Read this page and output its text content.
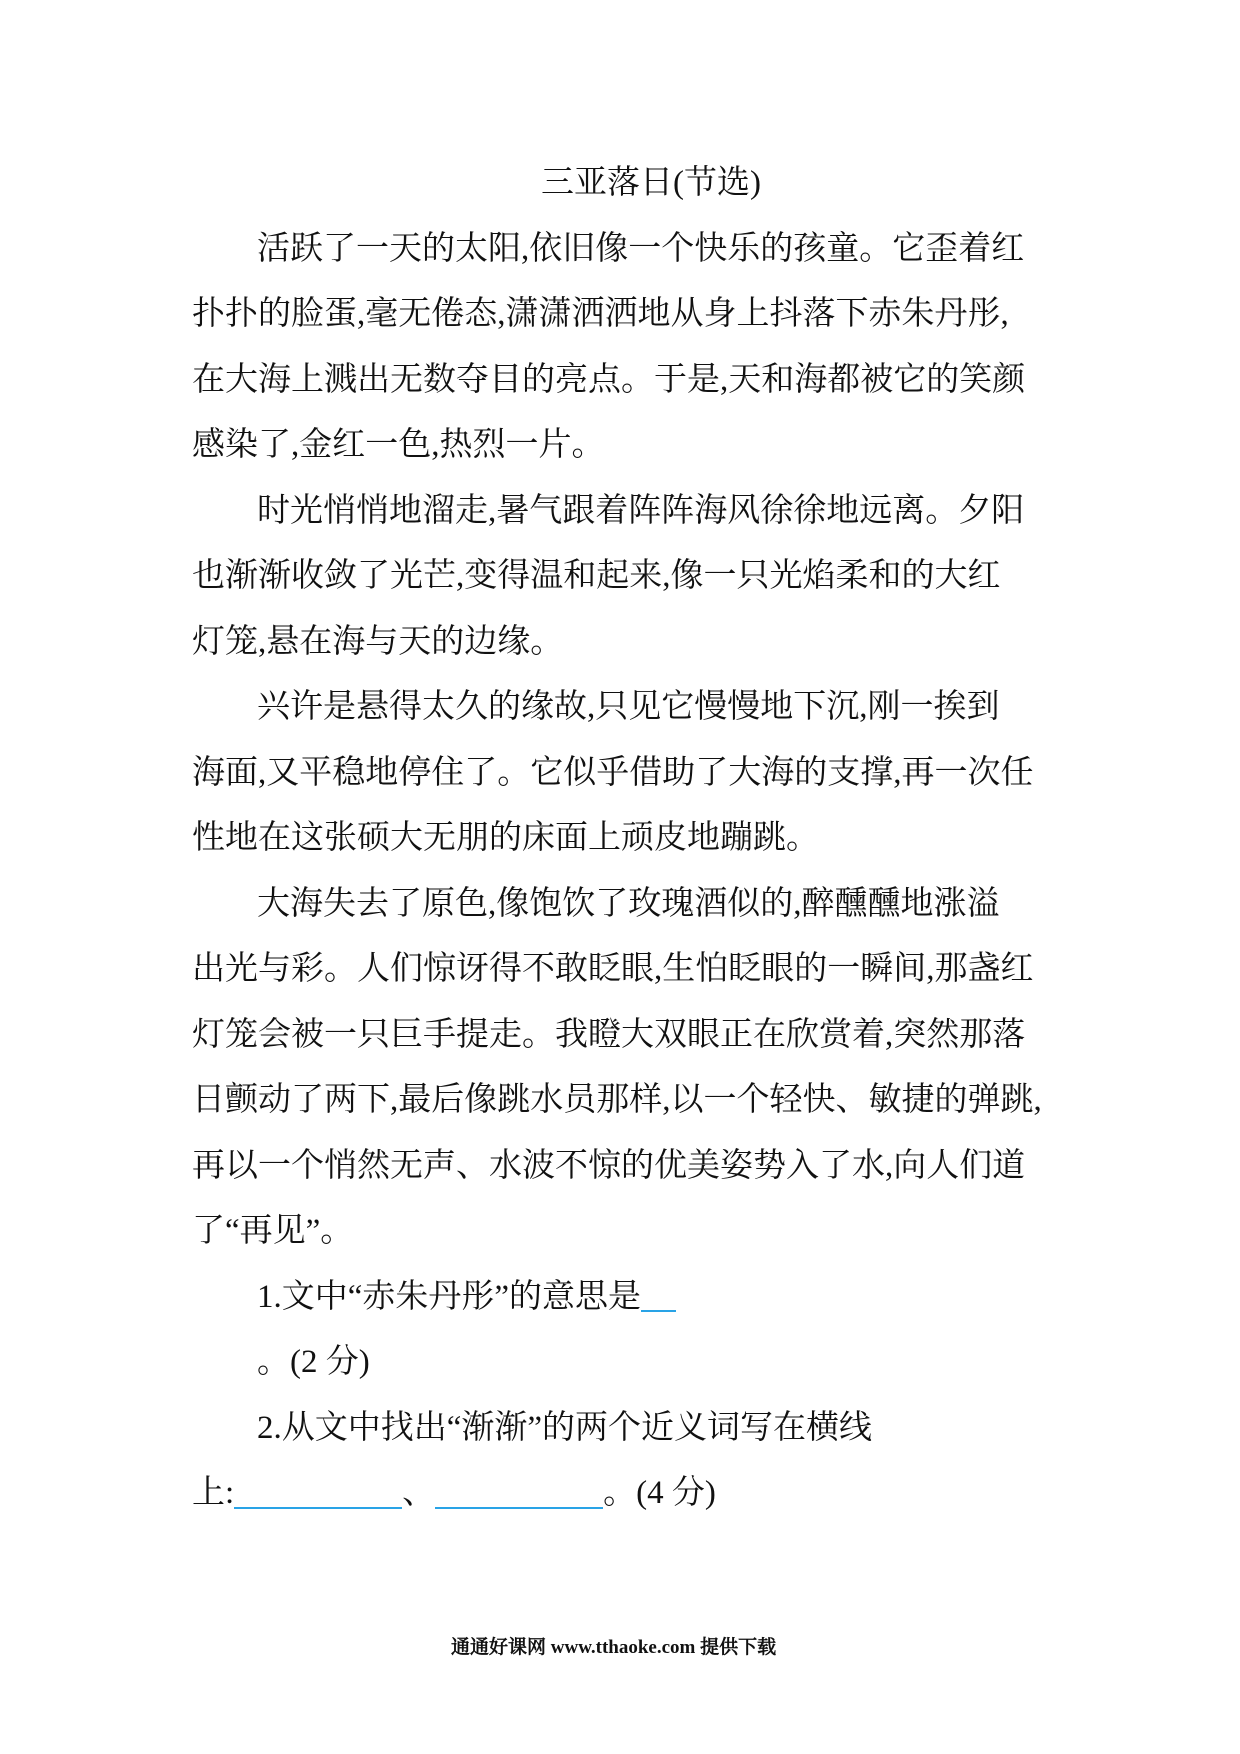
三亚落日(节选)
活跃了一天的太阳,依旧像一个快乐的孩童。它歪着红
扑扑的脸蛋,毫无倦态,潇潇洒洒地从身上抖落下赤朱丹彤,
在大海上溅出无数夺目的亮点。于是,天和海都被它的笑颜
感染了,金红一色,热烈一片。
时光悄悄地溜走,暑气跟着阵阵海风徐徐地远离。夕阳
也渐渐收敛了光芒,变得温和起来,像一只光焰柔和的大红
灯笼,悬在海与天的边缘。
兴许是悬得太久的缘故,只见它慢慢地下沉,刚一挨到
海面,又平稳地停住了。它似乎借助了大海的支撑,再一次任
性地在这张硕大无朋的床面上顽皮地蹦跳。
大海失去了原色,像饱饮了玫瑰酒似的,醉醺醺地涨溢
出光与彩。人们惊讶得不敢眨眼,生怕眨眼的一瞬间,那盏红
灯笼会被一只巨手提走。我瞪大双眼正在欣赏着,突然那落
日颤动了两下,最后像跳水员那样,以一个轻快、敏捷的弹跳,
再以一个悄然无声、水波不惊的优美姿势入了水,向人们道
了“再见”。
1.文中“赤朱丹彤”的意思是
。(2 分)
2.从文中找出“渐渐”的两个近义词写在横线
上:	、	。(4 分)
通通好课网 www.tthaoke.com 提供下载
